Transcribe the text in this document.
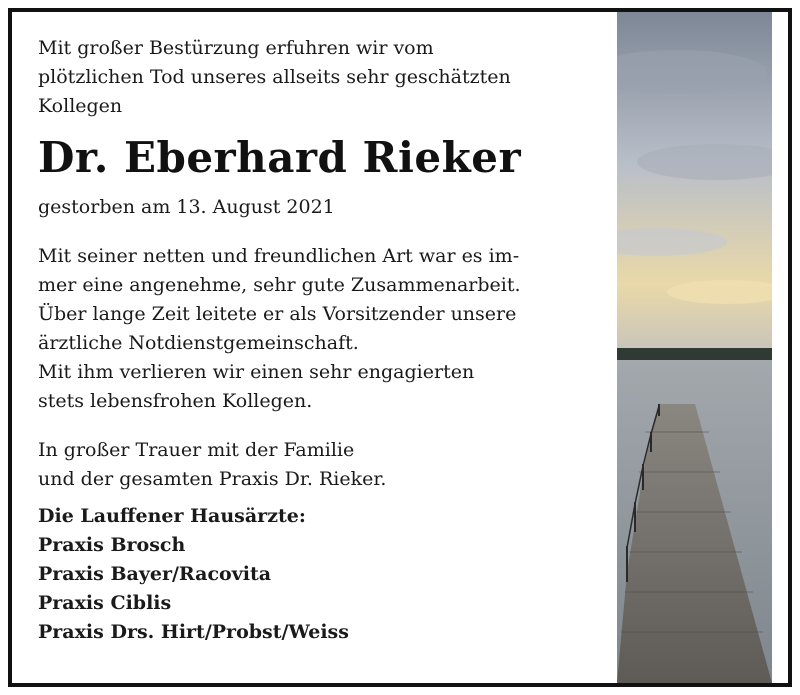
Mit großer Bestürzung erfuhren wir vom
plötzlichen Tod unseres allseits sehr geschätzten
Kollegen

Dr. Eberhard Rieker

gestorben am 13. August 2021

Mit seiner netten und freundlichen Art war es im-
mer eine angenehme, sehr gute Zusammenarbeit.
Über lange Zeit leitete er als Vorsitzender unsere
ärztliche Notdienstgemeinschaft.
Mit ihm verlieren wir einen sehr engagierten
stets lebensfrohen Kollegen.

In großer Trauer mit der Familie
und der gesamten Praxis Dr. Rieker.

Die Lauffener Hausärzte:
Praxis Brosch
Praxis Bayer/Racovita
Praxis Ciblis
Praxis Drs. Hirt/Probst/Weiss
